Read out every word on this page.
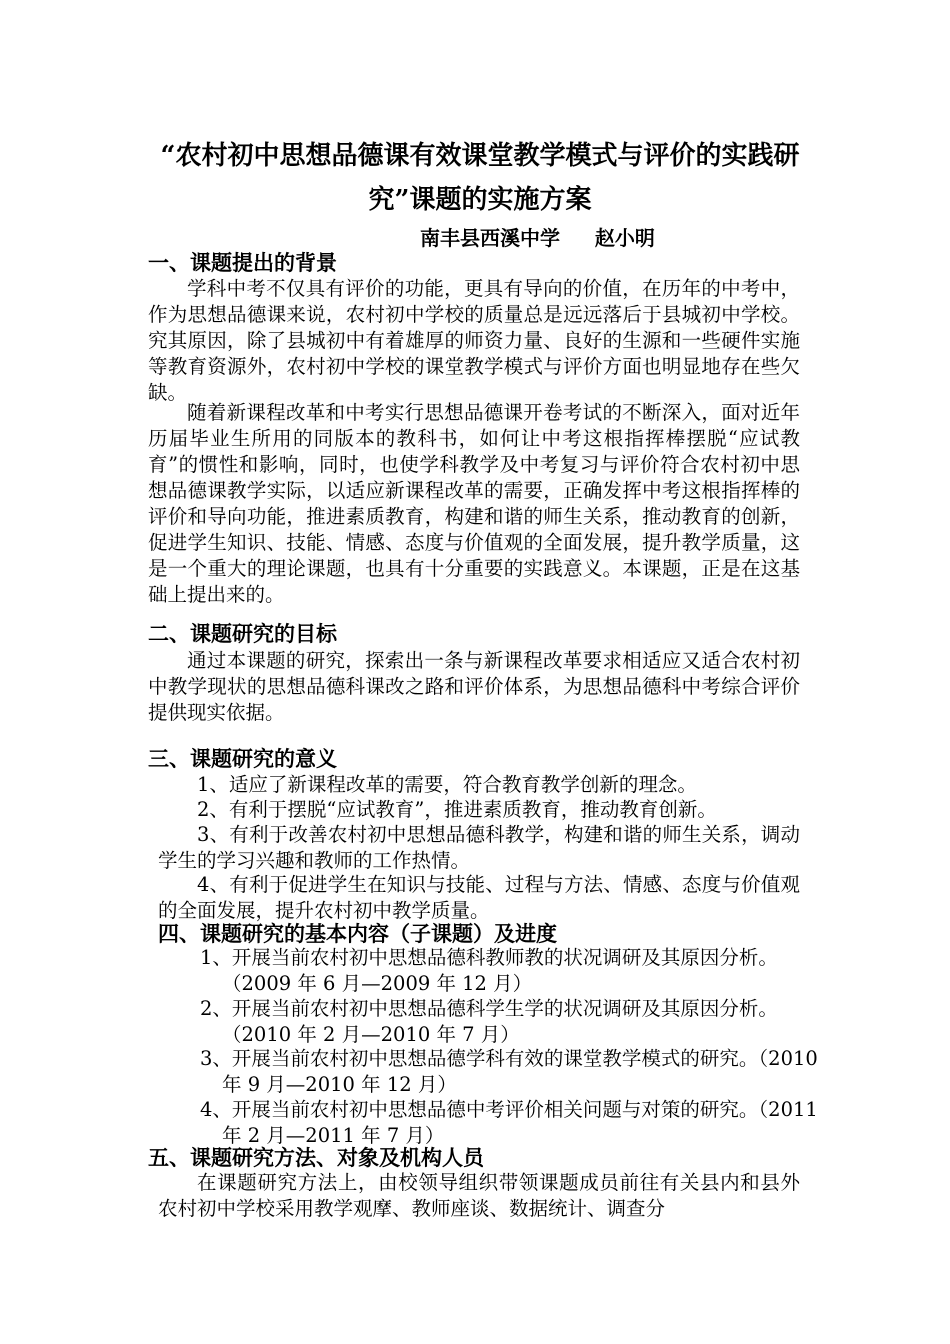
“农村初中思想品德课有效课堂教学模式与评价的实践研
究”课题的实施方案
南丰县西溪中学 赵小明
一、课题提出的背景

学科中考不仅具有评价的功能，更具有导向的价值，在历年的中考中，作为思想品德课来说，农村初中学校的质量总是远远落后于县城初中学校。究其原因，除了县城初中有着雄厚的师资力量、良好的生源和一些硬件实施等教育资源外，农村初中学校的课堂教学模式与评价方面也明显地存在些欠缺。

随着新课程改革和中考实行思想品德课开卷考试的不断深入，面对近年历届毕业生所用的同版本的教科书，如何让中考这根指挥棒摆脱“应试教育”的惯性和影响，同时，也使学科教学及中考复习与评价符合农村初中思想品德课教学实际，以适应新课程改革的需要，正确发挥中考这根指挥棒的评价和导向功能，推进素质教育，构建和谐的师生关系，推动教育的创新，促进学生知识、技能、情感、态度与价值观的全面发展，提升教学质量，这是一个重大的理论课题，也具有十分重要的实践意义。本课题，正是在这基础上提出来的。

二、课题研究的目标

通过本课题的研究，探索出一条与新课程改革要求相适应又适合农村初中教学现状的思想品德科课改之路和评价体系，为思想品德科中考综合评价提供现实依据。

三、课题研究的意义

1、适应了新课程改革的需要，符合教育教学创新的理念。

2、有利于摆脱“应试教育”，推进素质教育，推动教育创新。

3、有利于改善农村初中思想品德科教学，构建和谐的师生关系，调动学生的学习兴趣和教师的工作热情。

4、有利于促进学生在知识与技能、过程与方法、情感、态度与价值观的全面发展，提升农村初中教学质量。

四、课题研究的基本内容（子课题）及进度

1、开展当前农村初中思想品德科教师教的状况调研及其原因分析。（2009 年 6 月—2009 年 12 月）

2、开展当前农村初中思想品德科学生学的状况调研及其原因分析。（2010 年 2 月—2010 年 7 月）

3、开展当前农村初中思想品德学科有效的课堂教学模式的研究。（2010 年 9 月—2010 年 12 月）

4、开展当前农村初中思想品德中考评价相关问题与对策的研究。（2011 年 2 月—2011 年 7 月）

五、课题研究方法、对象及机构人员

在课题研究方法上，由校领导组织带领课题成员前往有关县内和县外农村初中学校采用教学观摩、教师座谈、数据统计、调查分
